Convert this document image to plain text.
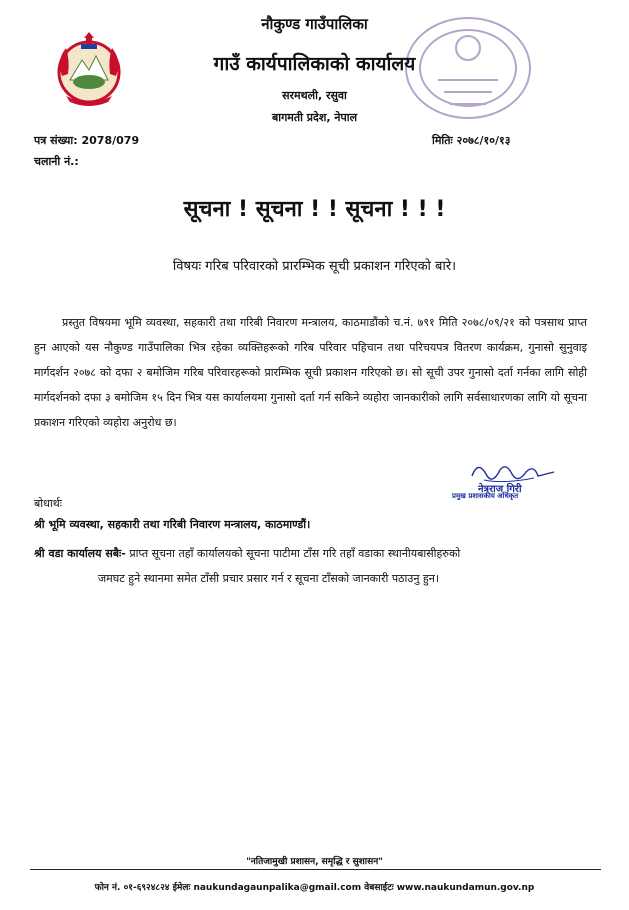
नौकुण्ड गाउँपालिका
गाउँ कार्यपालिकाको कार्यालय
सरमथली, रसुवा
बागमती प्रदेश, नेपाल
पत्र संख्या: 2078/079	मितिः २०७८/१०/१३
चलानी नं.:
सूचना ! सूचना ! ! सूचना ! ! !
विषयः गरिब परिवारको प्रारम्भिक सूची प्रकाशन गरिएको बारे।
प्रस्तुत विषयमा भूमि व्यवस्था, सहकारी तथा गरिबी निवारण मन्त्रालय, काठमाडौंको च.नं. ७९१ मिति २०७८/०९/२१ को पत्रसाथ प्राप्त हुन आएको यस नौकुण्ड गाउँपालिका भित्र रहेका व्यक्तिहरूको गरिब परिवार पहिचान तथा परिचयपत्र वितरण कार्यक्रम, गुनासो सुनुवाइ मार्गदर्शन २०७८ को दफा २ बमोजिम गरिब परिवारहरूको प्रारम्भिक सूची प्रकाशन गरिएको छ। सो सूची उपर गुनासो दर्ता गर्नका लागि सोही मार्गदर्शनको दफा ३ बमोजिम १५ दिन भित्र यस कार्यालयमा गुनासो दर्ता गर्न सकिने व्यहोरा जानकारीको लागि सर्वसाधारणका लागि यो सूचना प्रकाशन गरिएको व्यहोरा अनुरोध छ।
नेत्रराज गिरी
प्रमुख प्रशासकीय अधिकृत
बोधार्थः
श्री भूमि व्यवस्था, सहकारी तथा गरिबी निवारण मन्त्रालय, काठमाण्डौं।
श्री वडा कार्यालय सबैः- प्राप्त सूचना तहाँ कार्यालयको सूचना पाटीमा टाँस गरि तहाँ वडाका स्थानीयबासीहरुको
जमघट हुने स्थानमा समेत टाँसी प्रचार प्रसार गर्न र सूचना टाँसको जानकारी पठाउनु हुन।
"नतिजामुखी प्रशासन, समृद्धि र सुशासन"
फोन नं. ०१-६९२४८२४ ईमेलः naukundagaunpalika@gmail.com वेबसाईटः www.naukundamun.gov.np
